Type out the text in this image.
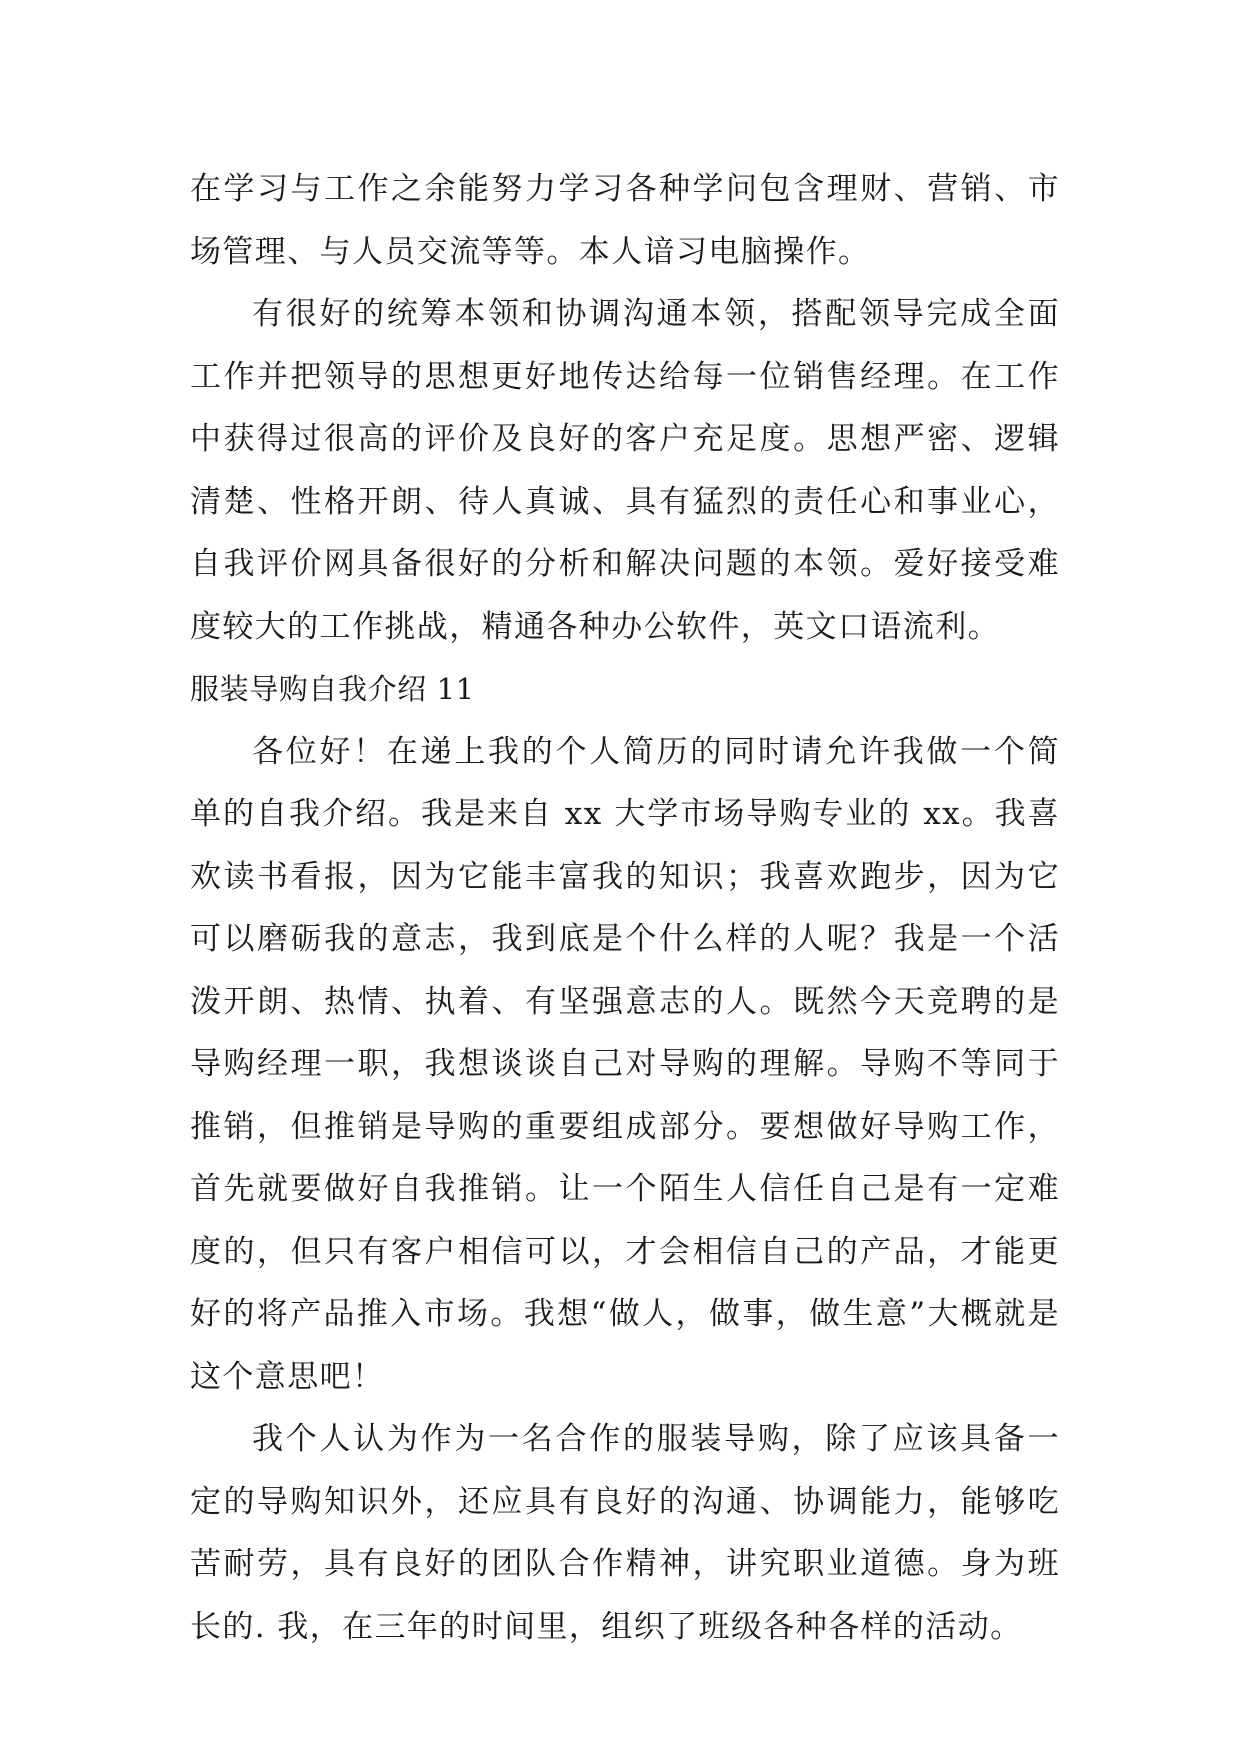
在学习与工作之余能努力学习各种学问包含理财、营销、市场管理、与人员交流等等。本人谙习电脑操作。

有很好的统筹本领和协调沟通本领，搭配领导完成全面工作并把领导的思想更好地传达给每一位销售经理。在工作中获得过很高的评价及良好的客户充足度。思想严密、逻辑清楚、性格开朗、待人真诚、具有猛烈的责任心和事业心，自我评价网具备很好的分析和解决问题的本领。爱好接受难度较大的工作挑战，精通各种办公软件，英文口语流利。

服装导购自我介绍 11

各位好！在递上我的个人简历的同时请允许我做一个简单的自我介绍。我是来自 xx 大学市场导购专业的 xx。我喜欢读书看报，因为它能丰富我的知识；我喜欢跑步，因为它可以磨砺我的意志，我到底是个什么样的人呢？我是一个活泼开朗、热情、执着、有坚强意志的人。既然今天竞聘的是导购经理一职，我想谈谈自己对导购的理解。导购不等同于推销，但推销是导购的重要组成部分。要想做好导购工作，首先就要做好自我推销。让一个陌生人信任自己是有一定难度的，但只有客户相信可以，才会相信自己的产品，才能更好的将产品推入市场。我想“做人，做事，做生意”大概就是这个意思吧！

我个人认为作为一名合作的服装导购，除了应该具备一定的导购知识外，还应具有良好的沟通、协调能力，能够吃苦耐劳，具有良好的团队合作精神，讲究职业道德。身为班长的. 我，在三年的时间里，组织了班级各种各样的活动。
